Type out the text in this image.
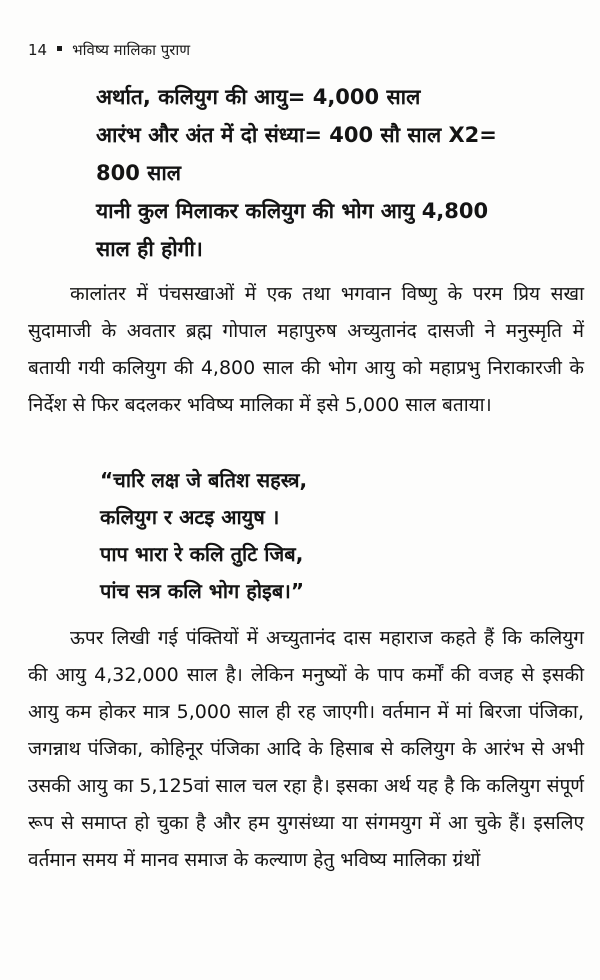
14 भविष्य मालिका पुराण
अर्थात, कलियुग की आयु= 4,000 साल
आरंभ और अंत में दो संध्या= 400 सौ साल X2=
800 साल
यानी कुल मिलाकर कलियुग की भोग आयु 4,800
साल ही होगी।

कालांतर में पंचसखाओं में एक तथा भगवान विष्णु के परम प्रिय सखा सुदामाजी के अवतार ब्रह्म गोपाल महापुरुष अच्युतानंद दासजी ने मनुस्मृति में बतायी गयी कलियुग की 4,800 साल की भोग आयु को महाप्रभु निराकारजी के निर्देश से फिर बदलकर भविष्य मालिका में इसे 5,000 साल बताया।

“चारि लक्ष जे बतिश सहस्त्र,
कलियुग र अटइ आयुष ।
पाप भारा रे कलि तुटि जिब,
पांच सत्र कलि भोग होइब।”

ऊपर लिखी गई पंक्तियों में अच्युतानंद दास महाराज कहते हैं कि कलियुग की आयु 4,32,000 साल है। लेकिन मनुष्यों के पाप कर्मों की वजह से इसकी आयु कम होकर मात्र 5,000 साल ही रह जाएगी। वर्तमान में मां बिरजा पंजिका, जगन्नाथ पंजिका, कोहिनूर पंजिका आदि के हिसाब से कलियुग के आरंभ से अभी उसकी आयु का 5,125वां साल चल रहा है। इसका अर्थ यह है कि कलियुग संपूर्ण रूप से समाप्त हो चुका है और हम युगसंध्या या संगमयुग में आ चुके हैं। इसलिए वर्तमान समय में मानव समाज के कल्याण हेतु भविष्य मालिका ग्रंथों
